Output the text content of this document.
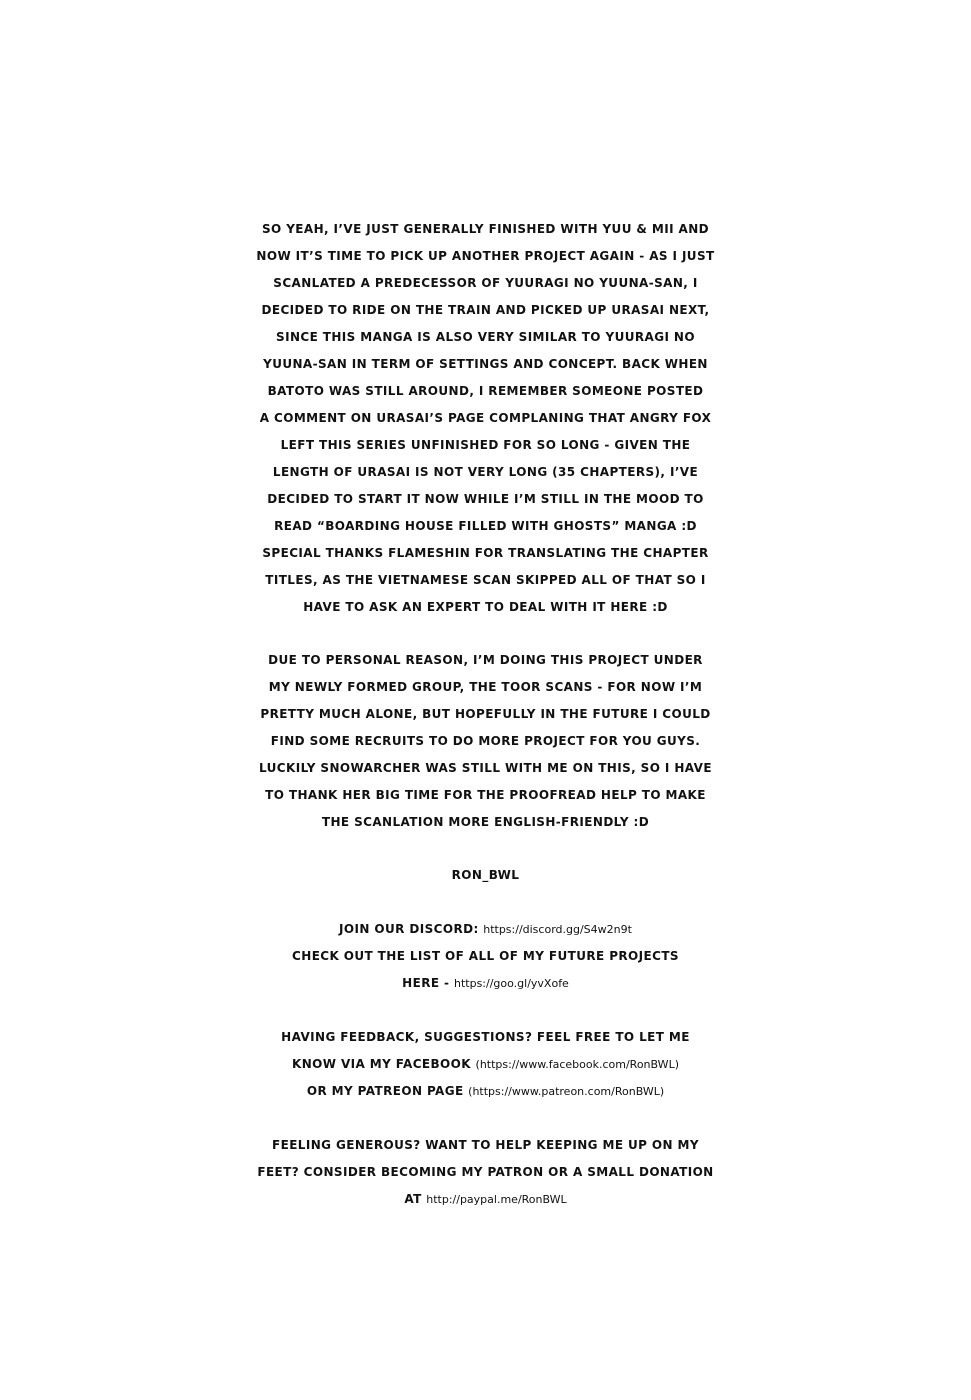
SO YEAH, I’VE JUST GENERALLY FINISHED WITH YUU & MII AND
NOW IT’S TIME TO PICK UP ANOTHER PROJECT AGAIN - AS I JUST
SCANLATED A PREDECESSOR OF YUURAGI NO YUUNA-SAN, I
DECIDED TO RIDE ON THE TRAIN AND PICKED UP URASAI NEXT,
SINCE THIS MANGA IS ALSO VERY SIMILAR TO YUURAGI NO
YUUNA-SAN IN TERM OF SETTINGS AND CONCEPT. BACK WHEN
BATOTO WAS STILL AROUND, I REMEMBER SOMEONE POSTED
A COMMENT ON URASAI’S PAGE COMPLANING THAT ANGRY FOX
LEFT THIS SERIES UNFINISHED FOR SO LONG - GIVEN THE
LENGTH OF URASAI IS NOT VERY LONG (35 CHAPTERS), I’VE
DECIDED TO START IT NOW WHILE I’M STILL IN THE MOOD TO
READ “BOARDING HOUSE FILLED WITH GHOSTS” MANGA :D
SPECIAL THANKS FLAMESHIN FOR TRANSLATING THE CHAPTER
TITLES, AS THE VIETNAMESE SCAN SKIPPED ALL OF THAT SO I
HAVE TO ASK AN EXPERT TO DEAL WITH IT HERE :D
DUE TO PERSONAL REASON, I’M DOING THIS PROJECT UNDER
MY NEWLY FORMED GROUP, THE TOOR SCANS - FOR NOW I’M
PRETTY MUCH ALONE, BUT HOPEFULLY IN THE FUTURE I COULD
FIND SOME RECRUITS TO DO MORE PROJECT FOR YOU GUYS.
LUCKILY SNOWARCHER WAS STILL WITH ME ON THIS, SO I HAVE
TO THANK HER BIG TIME FOR THE PROOFREAD HELP TO MAKE
THE SCANLATION MORE ENGLISH-FRIENDLY :D
RON_BWL
JOIN OUR DISCORD: https://discord.gg/S4w2n9t
CHECK OUT THE LIST OF ALL OF MY FUTURE PROJECTS
HERE - https://goo.gl/yvXofe
HAVING FEEDBACK, SUGGESTIONS? FEEL FREE TO LET ME
KNOW VIA MY FACEBOOK (https://www.facebook.com/RonBWL)
OR MY PATREON PAGE (https://www.patreon.com/RonBWL)
FEELING GENEROUS? WANT TO HELP KEEPING ME UP ON MY
FEET? CONSIDER BECOMING MY PATRON OR A SMALL DONATION
AT http://paypal.me/RonBWL
